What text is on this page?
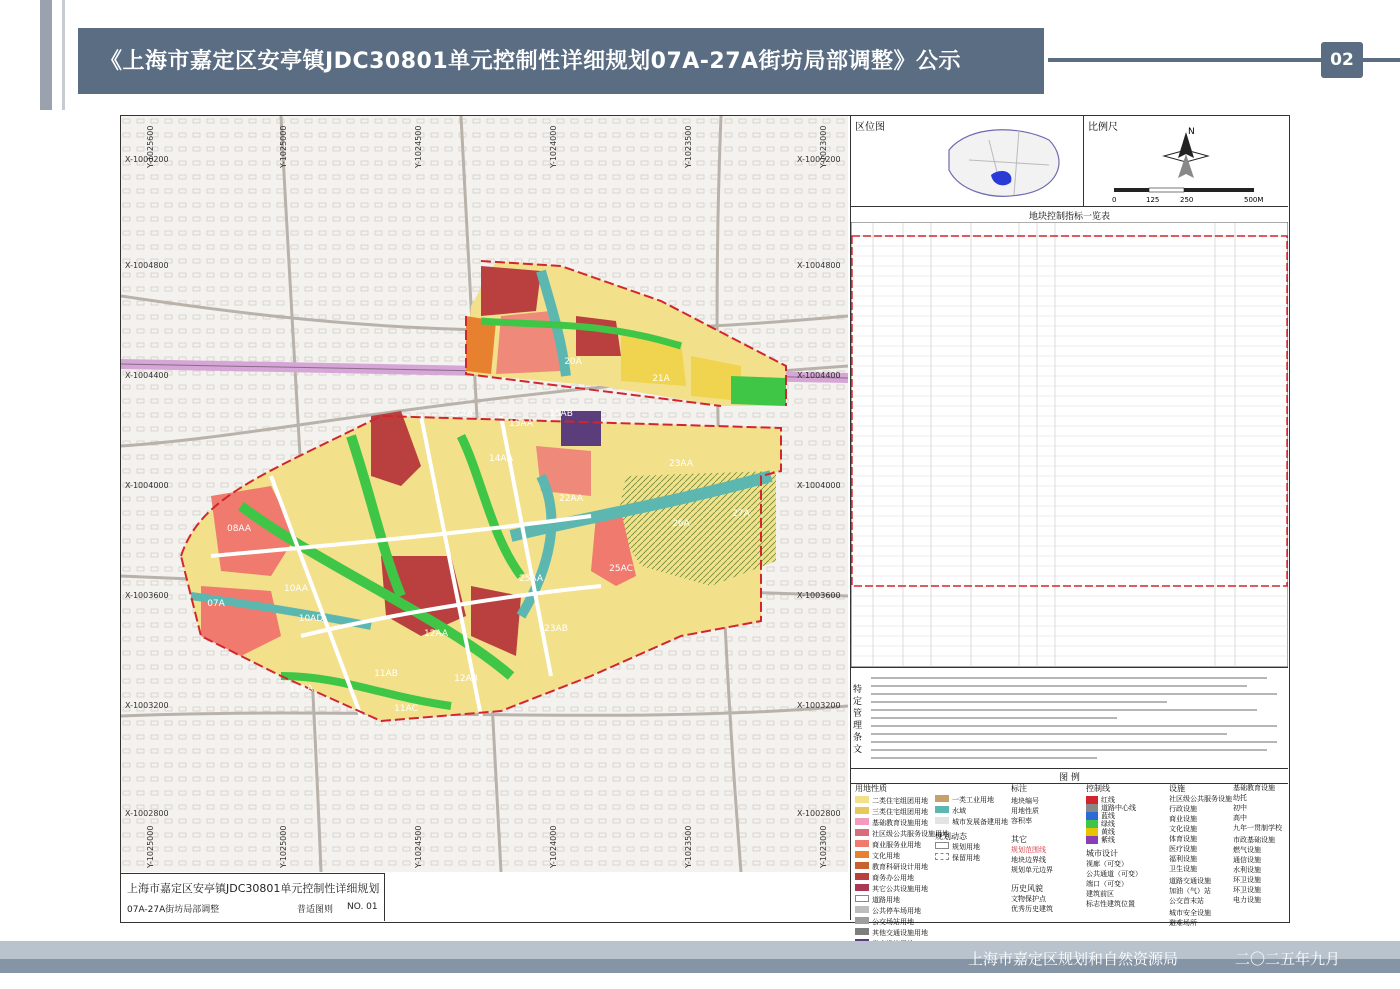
《上海市嘉定区安亭镇JDC30801单元控制性详细规划07A-27A街坊局部调整》公示	02
08AA
07A
10AA
10AD
11AA
11AB
11AC
12AA
12AB
13AA
14AA
15AA
15AB
20A
21A
22AA
23AA
23AB
25AA
25AC
26A
27A
X-1006200
X-1004800
X-1004400
X-1004000
X-1003600
X-1003200
X-1002800
X-1005200
X-1004800
X-1004400
X-1004000
X-1003600
X-1003200
X-1002800
Y-1025600	Y-1025000	Y-1024500	Y-1024000	Y-1023500	Y-1023000
Y-1025000	Y-1025000	Y-1024500	Y-1024000	Y-1023500	Y-1023000
上海市嘉定区安亭镇JDC30801单元控制性详细规划
07A-27A街坊局部调整	普适图则 NO. 01
区位图	比例尺	N
0	125	250	500M
地块控制指标一览表
特定管理条文
图 例
用地性质
二类住宅组团用地
三类住宅组团用地
基础教育设施用地
社区级公共服务设施用地
商业服务业用地
文化用地
教育科研设计用地
商务办公用地
其它公共设施用地
道路用地
公共停车场用地
公交场站用地
其他交通设施用地
一类工业用地
水域
城市发展备建用地
规划动态
规划用地
保留用地
标注
地块编号
用地性质
容积率
其它
规划范围线
地块边界线
规划单元边界
历史风貌
文物保护点
优秀历史建筑
控制线
红线
道路中心线
蓝线
绿线
黄线
紫线
城市设计
视廊（可变）
公共通道（可变）
端口（可变）
建筑前区
标志性建筑位置
设施
社区级公共服务设施
行政设施
商业设施
文化设施
体育设施
医疗设施
福利设施
卫生设施
道路交通设施
加油（气）站
公交首末站
城市安全设施
避难场所
基础教育设施
幼托
初中
高中
九年一贯制学校
市政基础设施
燃气设施
通信设施
水利设施
环卫设施
环卫设施
电力设施
上海市嘉定区规划和自然资源局	二〇二五年九月
